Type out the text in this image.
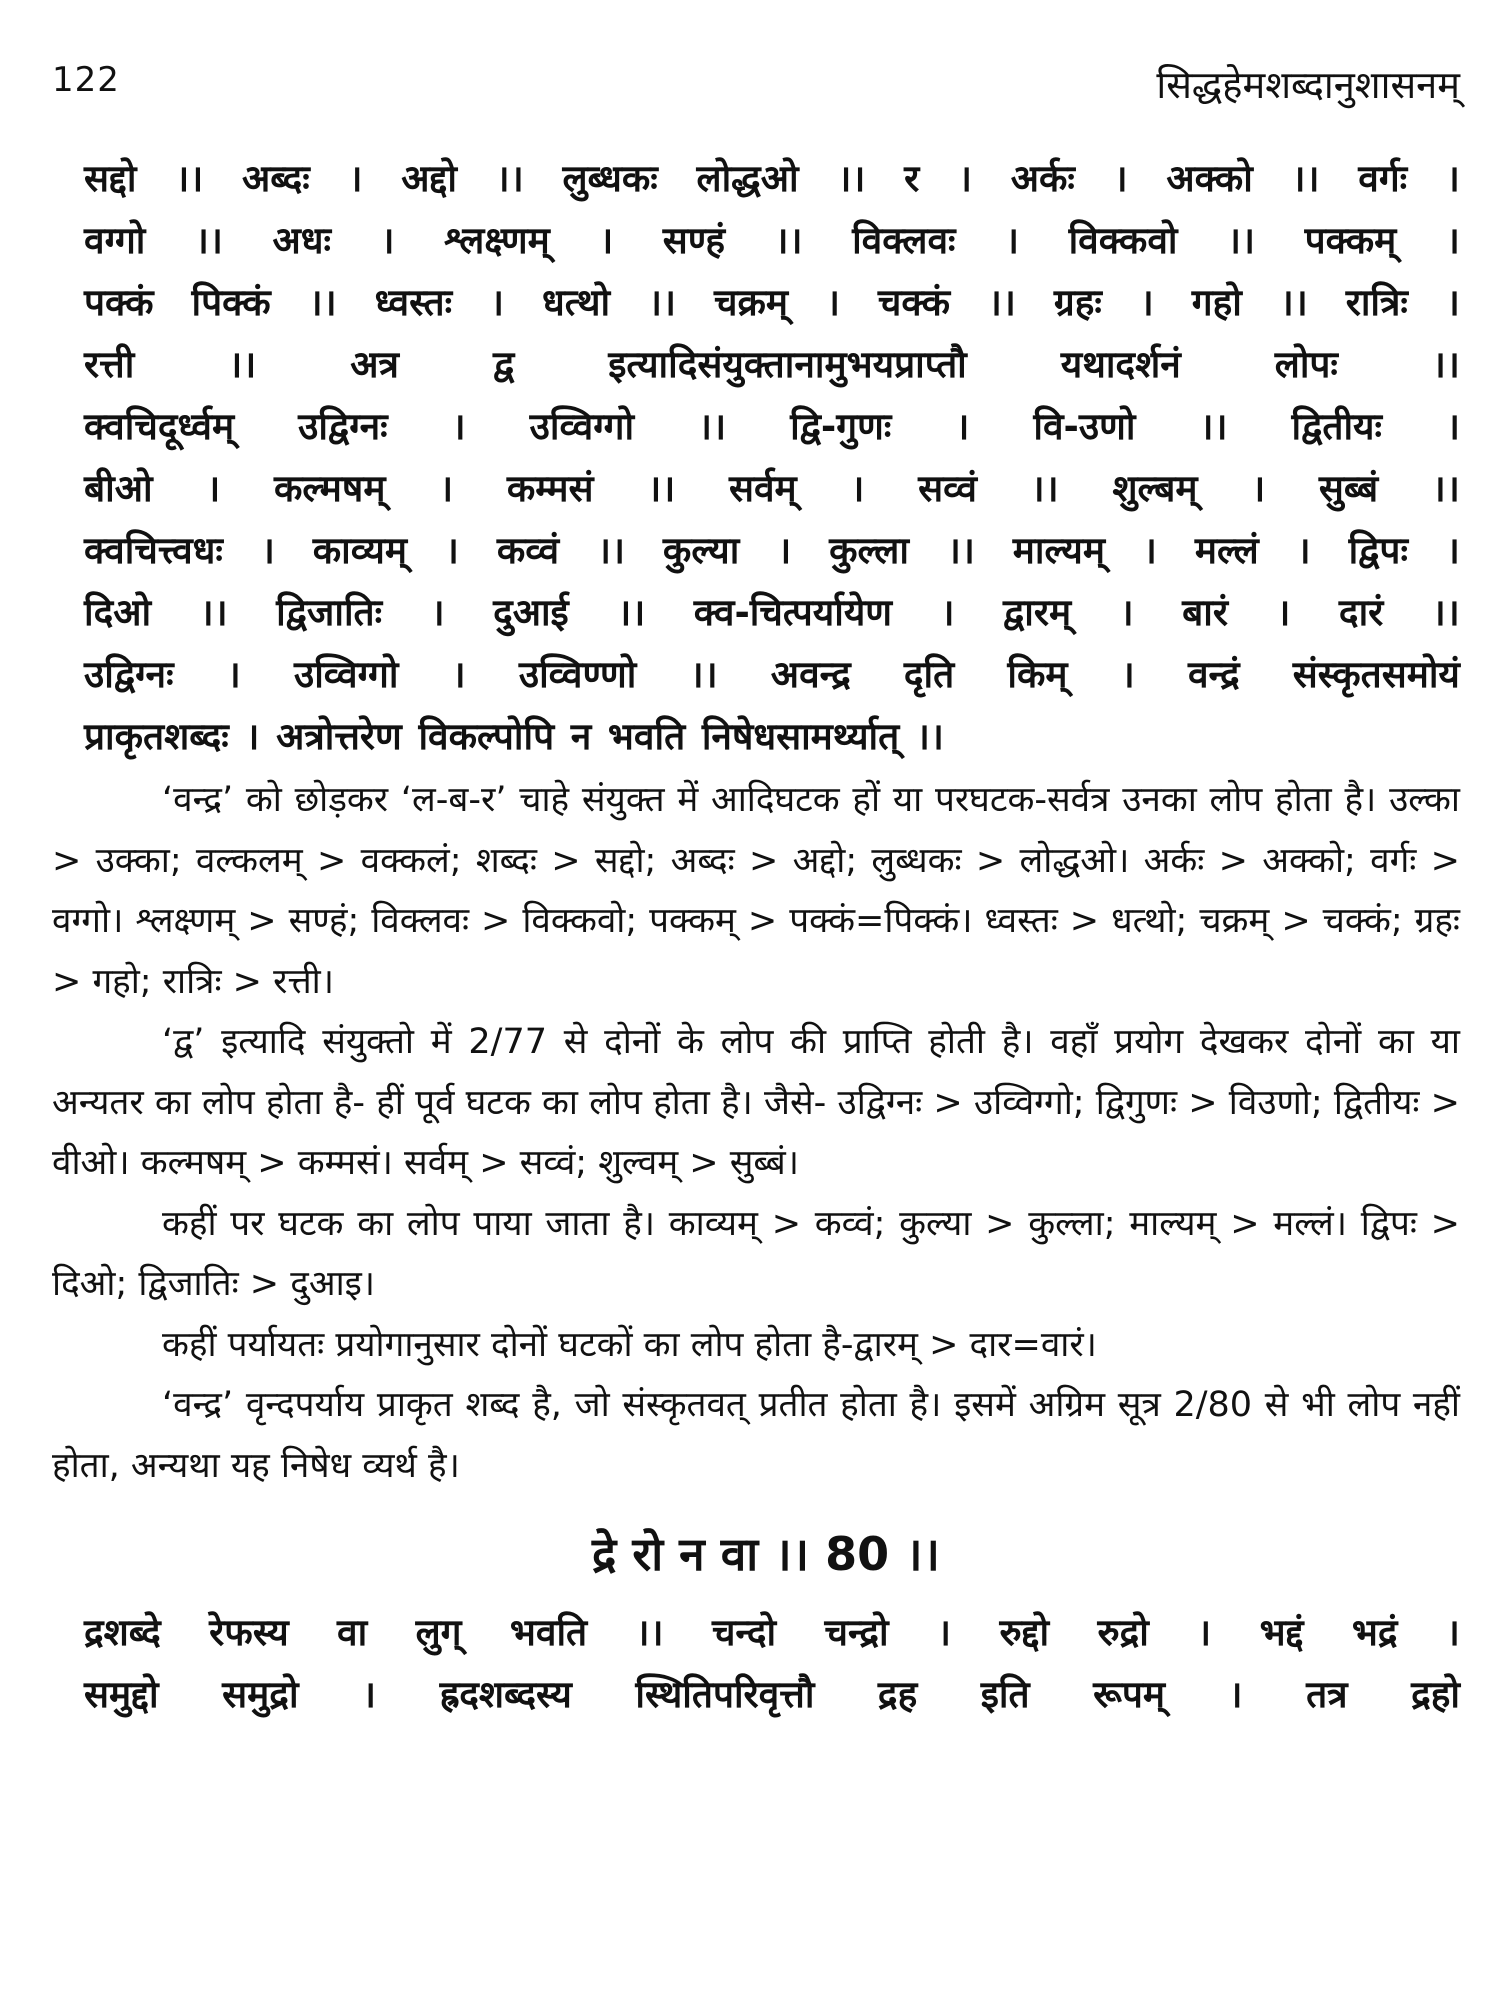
122	सिद्धहेमशब्दानुशासनम्
सद्दो ।। अब्दः । अद्दो ।। लुब्धकः लोद्धओ ।। र । अर्कः । अक्को ।। वर्गः ।
वग्गो ।। अधः । श्लक्ष्णम् । सण्हं ।। विक्लवः । विक्कवो ।। पक्कम् ।
पक्कं पिक्कं ।। ध्वस्तः । धत्थो ।। चक्रम् । चक्कं ।। ग्रहः । गहो ।। रात्रिः ।
रत्ती	।।	अत्र	द्व	इत्यादिसंयुक्तानामुभयप्राप्तौ	यथादर्शनं	लोपः	।।
क्वचिदूर्ध्वम् उद्विग्नः । उव्विग्गो ।। द्वि-गुणः । वि-उणो ।। द्वितीयः ।
बीओ । कल्मषम् । कम्मसं ।। सर्वम् । सव्वं ।। शुल्बम् । सुब्बं ।।
क्वचित्त्वधः । काव्यम् । कव्वं ।। कुल्या । कुल्ला ।। माल्यम् । मल्लं । द्विपः ।
दिओ ।। द्विजातिः । दुआई ।। क्व-चित्पर्यायेण । द्वारम् । बारं । दारं ।।
उद्विग्नः । उव्विग्गो । उव्विण्णो ।। अवन्द्र दृति किम् । वन्द्रं संस्कृतसमोयं
प्राकृतशब्दः । अत्रोत्तरेण विकल्पोपि न भवति निषेधसामर्थ्यात् ।।

‘वन्द्र’ को छोड़कर ‘ल-ब-र’ चाहे संयुक्त में आदिघटक हों या परघटक-सर्वत्र उनका लोप होता है। उल्का > उक्का; वल्कलम् > वक्कलं; शब्दः > सद्दो; अब्दः > अद्दो; लुब्धकः > लोद्धओ। अर्कः > अक्को; वर्गः > वग्गो। श्लक्ष्णम् > सण्हं; विक्लवः > विक्कवो; पक्कम् > पक्कं=पिक्कं। ध्वस्तः > धत्थो; चक्रम् > चक्कं; ग्रहः > गहो; रात्रिः > रत्ती।

‘द्व’ इत्यादि संयुक्तो में 2/77 से दोनों के लोप की प्राप्ति होती है। वहाँ प्रयोग देखकर दोनों का या अन्यतर का लोप होता है- हीं पूर्व घटक का लोप होता है। जैसे- उद्विग्नः > उव्विग्गो; द्विगुणः > विउणो; द्वितीयः > वीओ। कल्मषम् > कम्मसं। सर्वम् > सव्वं; शुल्वम् > सुब्बं।

कहीं पर घटक का लोप पाया जाता है। काव्यम् > कव्वं; कुल्या > कुल्ला; माल्यम् > मल्लं। द्विपः > दिओ; द्विजातिः > दुआइ।

कहीं पर्यायतः प्रयोगानुसार दोनों घटकों का लोप होता है-द्वारम् > दार=वारं।

‘वन्द्र’ वृन्दपर्याय प्राकृत शब्द है, जो संस्कृतवत् प्रतीत होता है। इसमें अग्रिम सूत्र 2/80 से भी लोप नहीं होता, अन्यथा यह निषेध व्यर्थ है।

द्रे रो न वा ।। 80 ।।
द्रशब्दे रेफस्य वा लुग् भवति ।। चन्दो चन्द्रो । रुद्दो रुद्रो । भद्दं भद्रं ।
समुद्दो समुद्रो । ह्रदशब्दस्य स्थितिपरिवृत्तौ द्रह इति रूपम् । तत्र द्रहो
